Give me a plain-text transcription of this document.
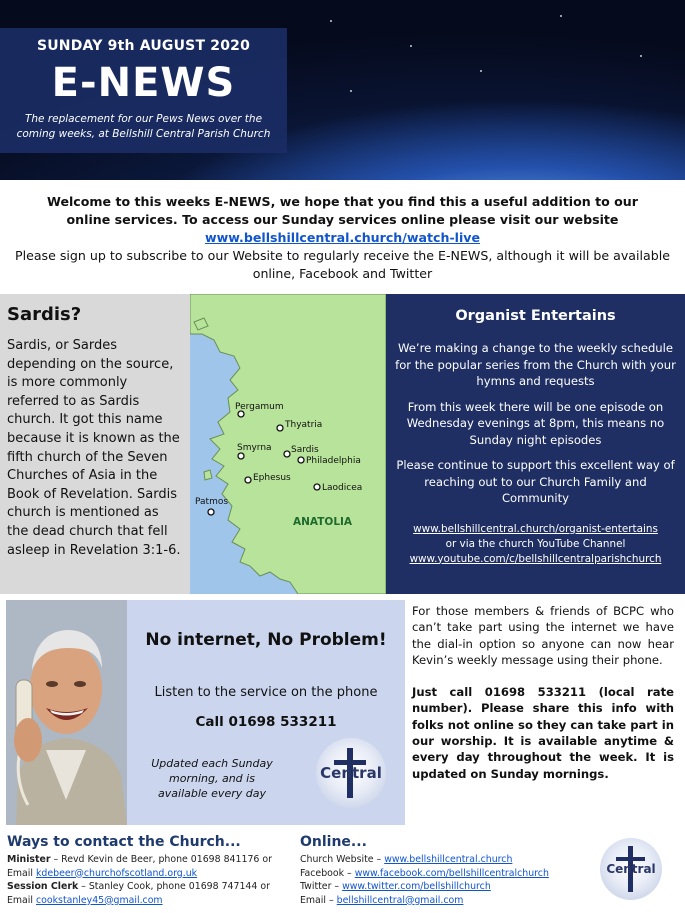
SUNDAY 9th AUGUST 2020
E-NEWS
The replacement for our Pews News over the coming weeks, at Bellshill Central Parish Church
Welcome to this weeks E-NEWS, we hope that you find this a useful addition to our online services. To access our Sunday services online please visit our website
www.bellshillcentral.church/watch-live
Please sign up to subscribe to our Website to regularly receive the E-NEWS, although it will be available online, Facebook and Twitter
Sardis?
Sardis, or Sardes depending on the source, is more commonly referred to as Sardis church. It got this name because it is known as the fifth church of the Seven Churches of Asia in the Book of Revelation. Sardis church is mentioned as the dead church that fell asleep in Revelation 3:1-6.
Pergamum
Thyatria
Smyrna Sardis
Philadelphia
Ephesus
Laodicea
Patmos
ANATOLIA
Organist Entertains

We’re making a change to the weekly schedule for the popular series from the Church with your hymns and requests

From this week there will be one episode on Wednesday evenings at 8pm, this means no Sunday night episodes

Please continue to support this excellent way of reaching out to our Church Family and Community

www.bellshillcentral.church/organist-entertains
or via the church YouTube Channel
www.youtube.com/c/bellshillcentralparishchurch
No internet, No Problem!
Listen to the service on the phone
Call 01698 533211
Updated each Sunday morning, and is available every day
Central
For those members & friends of BCPC who can’t take part using the internet we have the dial-in option so anyone can now hear Kevin’s weekly message using their phone.
Just call 01698 533211 (local rate number). Please share this info with folks not online so they can take part in our worship. It is available anytime & every day throughout the week. It is updated on Sunday mornings.
Ways to contact the Church...
Minister – Revd Kevin de Beer, phone 01698 841176 or
Email kdebeer@churchofscotland.org.uk
Session Clerk – Stanley Cook, phone 01698 747144 or
Email cookstanley45@gmail.com
Online...
Church Website – www.bellshillcentral.church
Facebook – www.facebook.com/bellshillcentralchurch
Twitter – www.twitter.com/bellshillchurch
Email – bellshillcentral@gmail.com
Central
